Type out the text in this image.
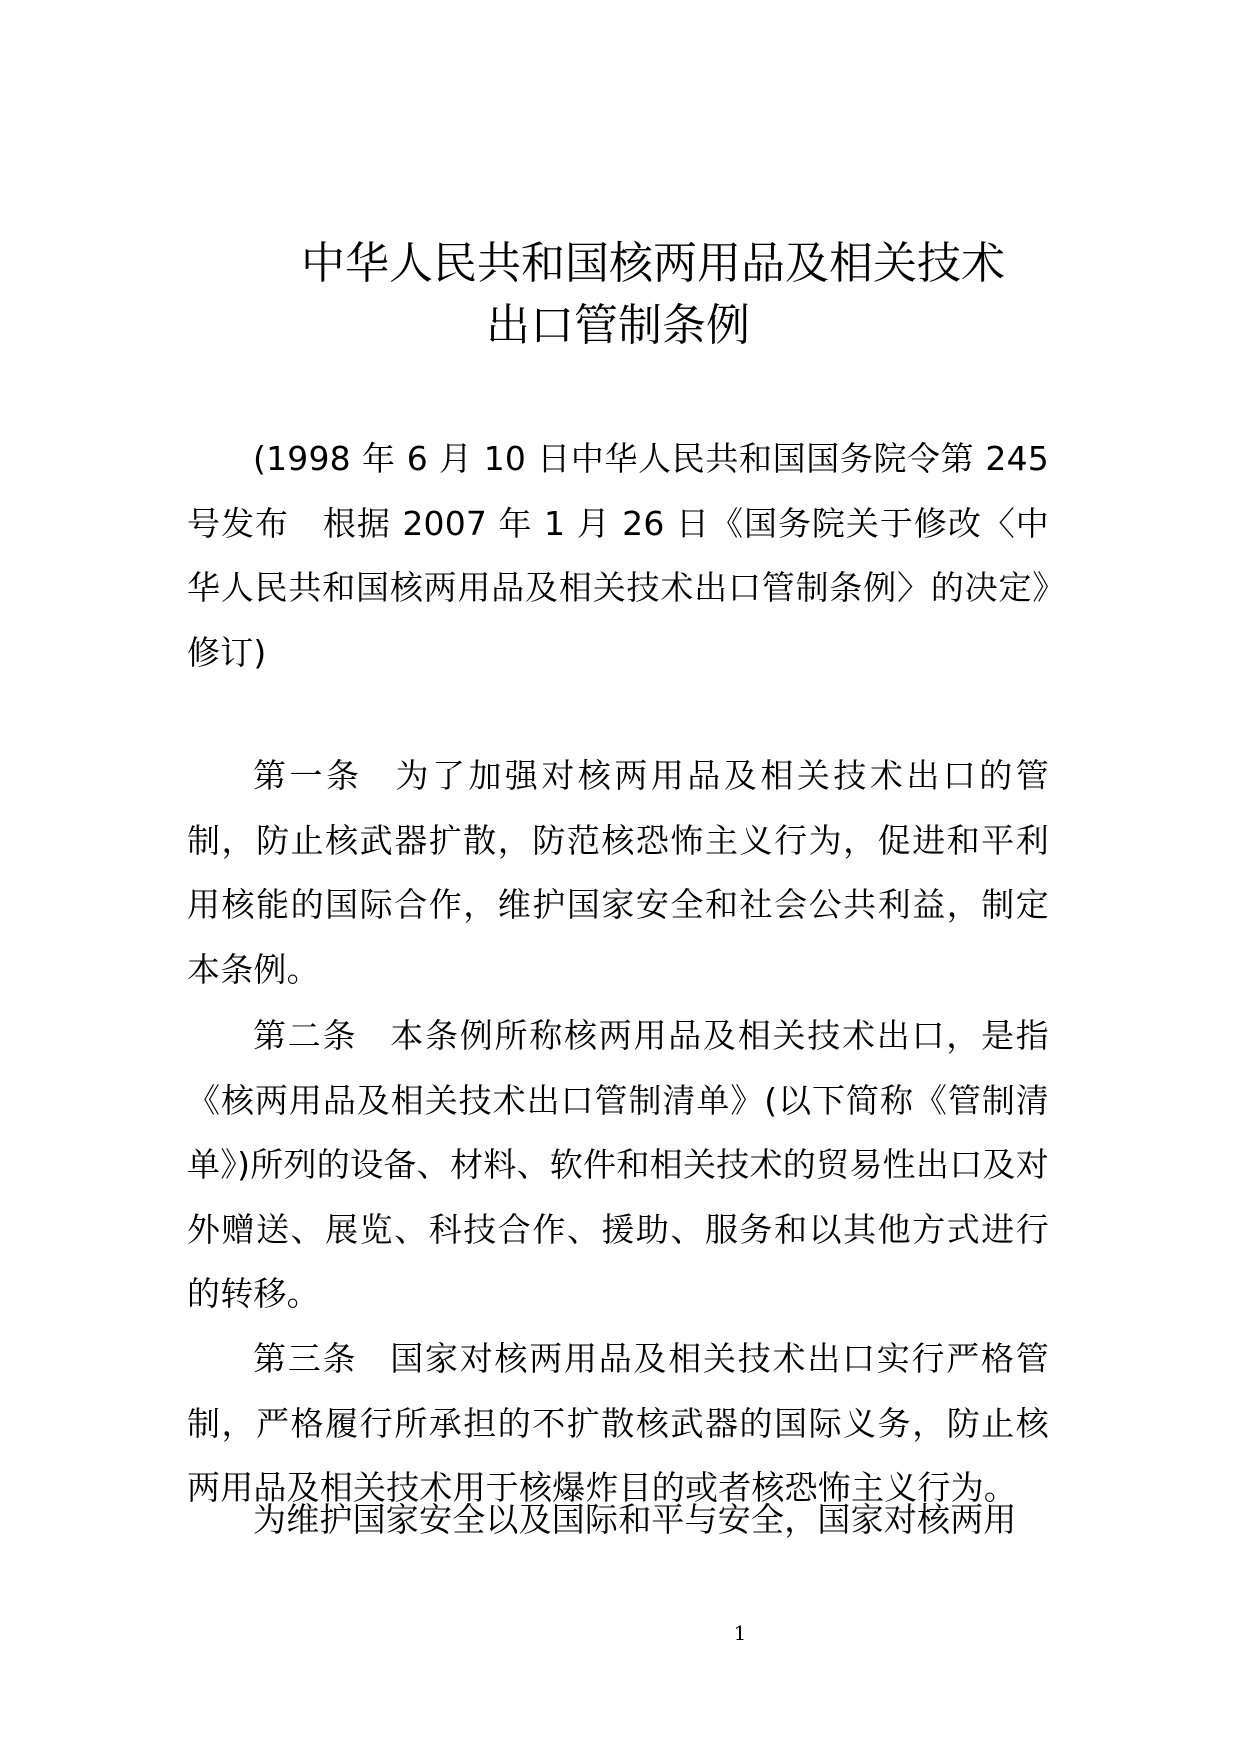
中华人民共和国核两用品及相关技术
出口管制条例

(1998 年 6 月 10 日中华人民共和国国务院令第 245 号发布　根据 2007 年 1 月 26 日《国务院关于修改〈中华人民共和国核两用品及相关技术出口管制条例〉的决定》修订)

第一条 为了加强对核两用品及相关技术出口的管制，防止核武器扩散，防范核恐怖主义行为，促进和平利用核能的国际合作，维护国家安全和社会公共利益，制定本条例。

第二条 本条例所称核两用品及相关技术出口，是指《核两用品及相关技术出口管制清单》(以下简称《管制清单》)所列的设备、材料、软件和相关技术的贸易性出口及对外赠送、展览、科技合作、援助、服务和以其他方式进行的转移。

第三条 国家对核两用品及相关技术出口实行严格管制，严格履行所承担的不扩散核武器的国际义务，防止核两用品及相关技术用于核爆炸目的或者核恐怖主义行为。

为维护国家安全以及国际和平与安全，国家对核两用

1
